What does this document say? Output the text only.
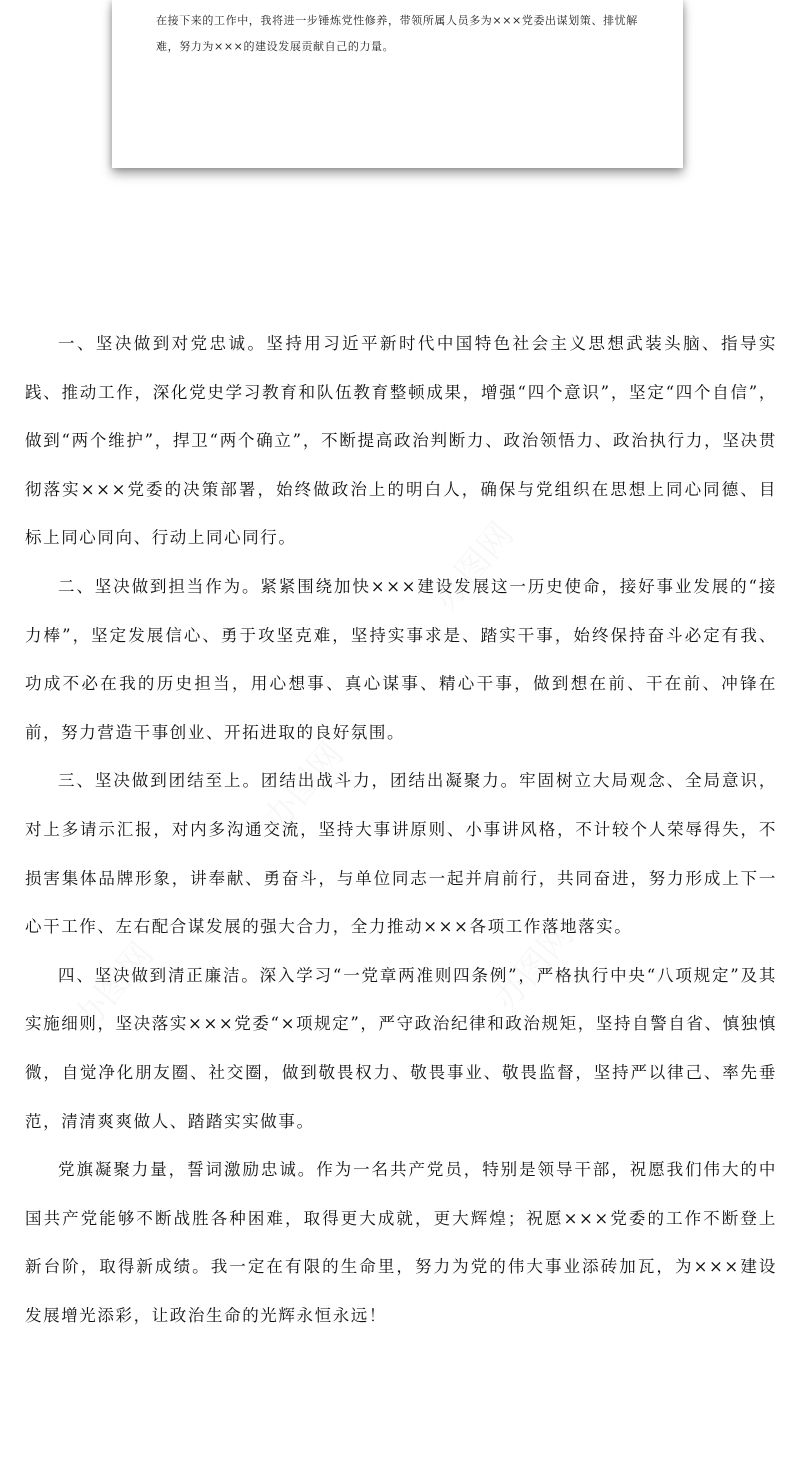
在接下来的工作中，我将进一步锤炼党性修养，带领所属人员多为×××党委出谋划策、排忧解难，努力为×××的建设发展贡献自己的力量。

一、坚决做到对党忠诚。坚持用习近平新时代中国特色社会主义思想武装头脑、指导实践、推动工作，深化党史学习教育和队伍教育整顿成果，增强“四个意识”，坚定“四个自信”，做到“两个维护”，捍卫“两个确立”，不断提高政治判断力、政治领悟力、政治执行力，坚决贯彻落实×××党委的决策部署，始终做政治上的明白人，确保与党组织在思想上同心同德、目标上同心同向、行动上同心同行。

二、坚决做到担当作为。紧紧围绕加快×××建设发展这一历史使命，接好事业发展的“接力棒”，坚定发展信心、勇于攻坚克难，坚持实事求是、踏实干事，始终保持奋斗必定有我、功成不必在我的历史担当，用心想事、真心谋事、精心干事，做到想在前、干在前、冲锋在前，努力营造干事创业、开拓进取的良好氛围。

三、坚决做到团结至上。团结出战斗力，团结出凝聚力。牢固树立大局观念、全局意识，对上多请示汇报，对内多沟通交流，坚持大事讲原则、小事讲风格，不计较个人荣辱得失，不损害集体品牌形象，讲奉献、勇奋斗，与单位同志一起并肩前行，共同奋进，努力形成上下一心干工作、左右配合谋发展的强大合力，全力推动×××各项工作落地落实。

四、坚决做到清正廉洁。深入学习“一党章两准则四条例”，严格执行中央“八项规定”及其实施细则，坚决落实×××党委“×项规定”，严守政治纪律和政治规矩，坚持自警自省、慎独慎微，自觉净化朋友圈、社交圈，做到敬畏权力、敬畏事业、敬畏监督，坚持严以律己、率先垂范，清清爽爽做人、踏踏实实做事。

党旗凝聚力量，誓词激励忠诚。作为一名共产党员，特别是领导干部，祝愿我们伟大的中国共产党能够不断战胜各种困难，取得更大成就，更大辉煌；祝愿×××党委的工作不断登上新台阶，取得新成绩。我一定在有限的生命里，努力为党的伟大事业添砖加瓦，为×××建设发展增光添彩，让政治生命的光辉永恒永远！

办图网
办图网
办图网
办图网
